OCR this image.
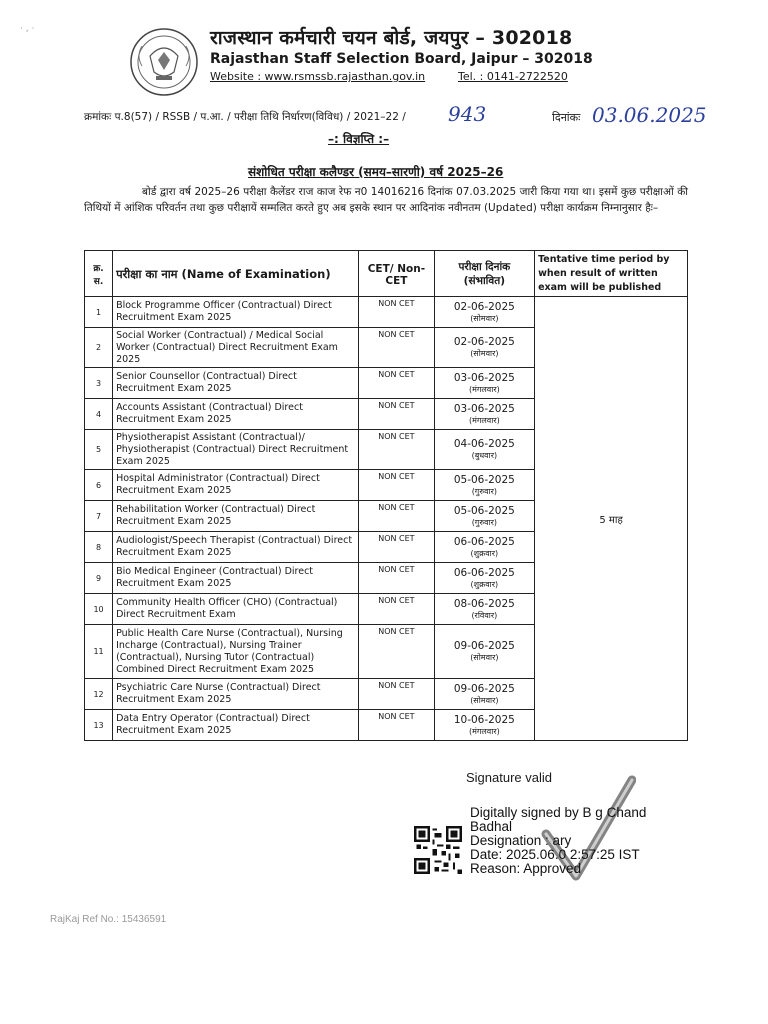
· , ·	राजस्थान कर्मचारी चयन बोर्ड, जयपुर – 302018
Rajasthan Staff Selection Board, Jaipur – 302018
Website : www.rsmssb.rajasthan.gov.in	Tel. : 0141-2722520
क्रमांकः प.8(57) / RSSB / प.आ. / परीक्षा तिथि निर्धारण(विविध) / 2021–22 / 943	दिनांकः 03.06.2025
–: विज्ञप्ति :–
संशोधित परीक्षा कलैण्डर (समय–सारणी) वर्ष 2025–26
बोर्ड द्वारा वर्ष 2025–26 परीक्षा कैलेंडर राज काज रेफ न0 14016216 दिनांक 07.03.2025 जारी किया गया था। इसमें कुछ परीक्षाओं की तिथियों में आंशिक परिवर्तन तथा कुछ परीक्षायें सम्मलित करते हुए अब इसके स्थान पर आदिनांक नवीनतम (Updated) परीक्षा कार्यक्रम निम्नानुसार हैः–
क्र. स.	परीक्षा का नाम (Name of Examination)	CET/ Non-CET	परीक्षा दिनांक (संभावित)	Tentative time period by when result of written exam will be published
1	Block Programme Officer (Contractual) Direct Recruitment Exam 2025	NON CET	02-06-2025
(सोमवार)	5 माह
2	Social Worker (Contractual) / Medical Social Worker (Contractual) Direct Recruitment Exam 2025	NON CET	02-06-2025
(सोमवार)	

3	Senior Counsellor (Contractual) Direct Recruitment Exam 2025	NON CET	03-06-2025
(मंगलवार)	

4	Accounts Assistant (Contractual) Direct Recruitment Exam 2025	NON CET	03-06-2025
(मंगलवार)	

5	Physiotherapist Assistant (Contractual)/ Physiotherapist (Contractual) Direct Recruitment Exam 2025	NON CET	04-06-2025
(बुधवार)	

6	Hospital Administrator (Contractual) Direct Recruitment Exam 2025	NON CET	05-06-2025
(गुरुवार)	

7	Rehabilitation Worker (Contractual) Direct Recruitment Exam 2025	NON CET	05-06-2025
(गुरुवार)	

8	Audiologist/Speech Therapist (Contractual) Direct Recruitment Exam 2025	NON CET	06-06-2025
(शुक्रवार)	

9	Bio Medical Engineer (Contractual) Direct Recruitment Exam 2025	NON CET	06-06-2025
(शुक्रवार)	

10	Community Health Officer (CHO) (Contractual) Direct Recruitment Exam	NON CET	08-06-2025
(रविवार)	

11	Public Health Care Nurse (Contractual), Nursing Incharge (Contractual), Nursing Trainer (Contractual), Nursing Tutor (Contractual) Combined Direct Recruitment Exam 2025	NON CET	09-06-2025
(सोमवार)	

12	Psychiatric Care Nurse (Contractual) Direct Recruitment Exam 2025	NON CET	09-06-2025
(सोमवार)	

13	Data Entry Operator (Contractual) Direct Recruitment Exam 2025	NON CET	10-06-2025
(मंगलवार)	
Signature valid
Digitally signed by B g Chand
Badhal
Designation : ary
Date: 2025.06.0 2:57:25 IST
Reason: Approved
RajKaj Ref No.: 15436591
